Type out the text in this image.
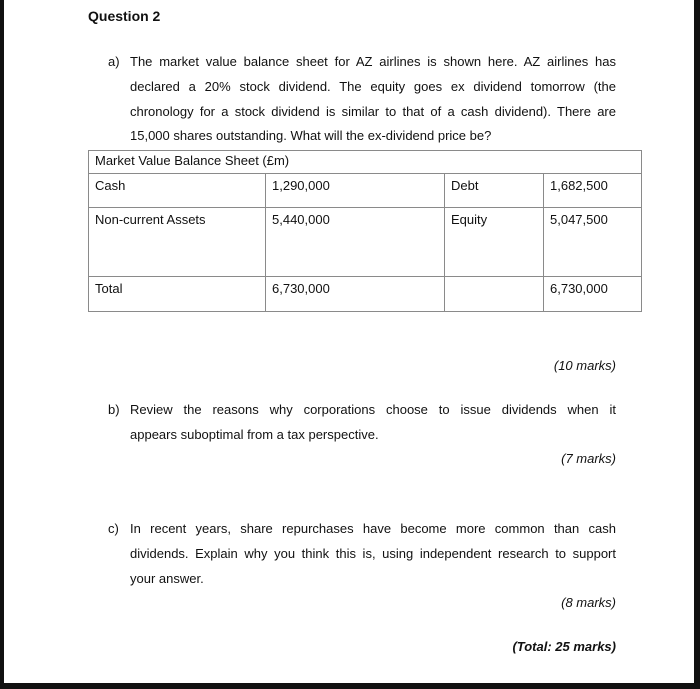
Question 2
a) The market value balance sheet for AZ airlines is shown here. AZ airlines has
declared a 20% stock dividend. The equity goes ex dividend tomorrow (the
chronology for a stock dividend is similar to that of a cash dividend). There are
15,000 shares outstanding. What will the ex-dividend price be?
Market Value Balance Sheet (£m)			
Cash	1,290,000	Debt	1,682,500
Non-current Assets	5,440,000	Equity	5,047,500
Total	6,730,000		6,730,000
(10 marks)
b) Review the reasons why corporations choose to issue dividends when it
appears suboptimal from a tax perspective.
(7 marks)
c) In recent years, share repurchases have become more common than cash
dividends. Explain why you think this is, using independent research to support
your answer.
(8 marks)
(Total: 25 marks)
